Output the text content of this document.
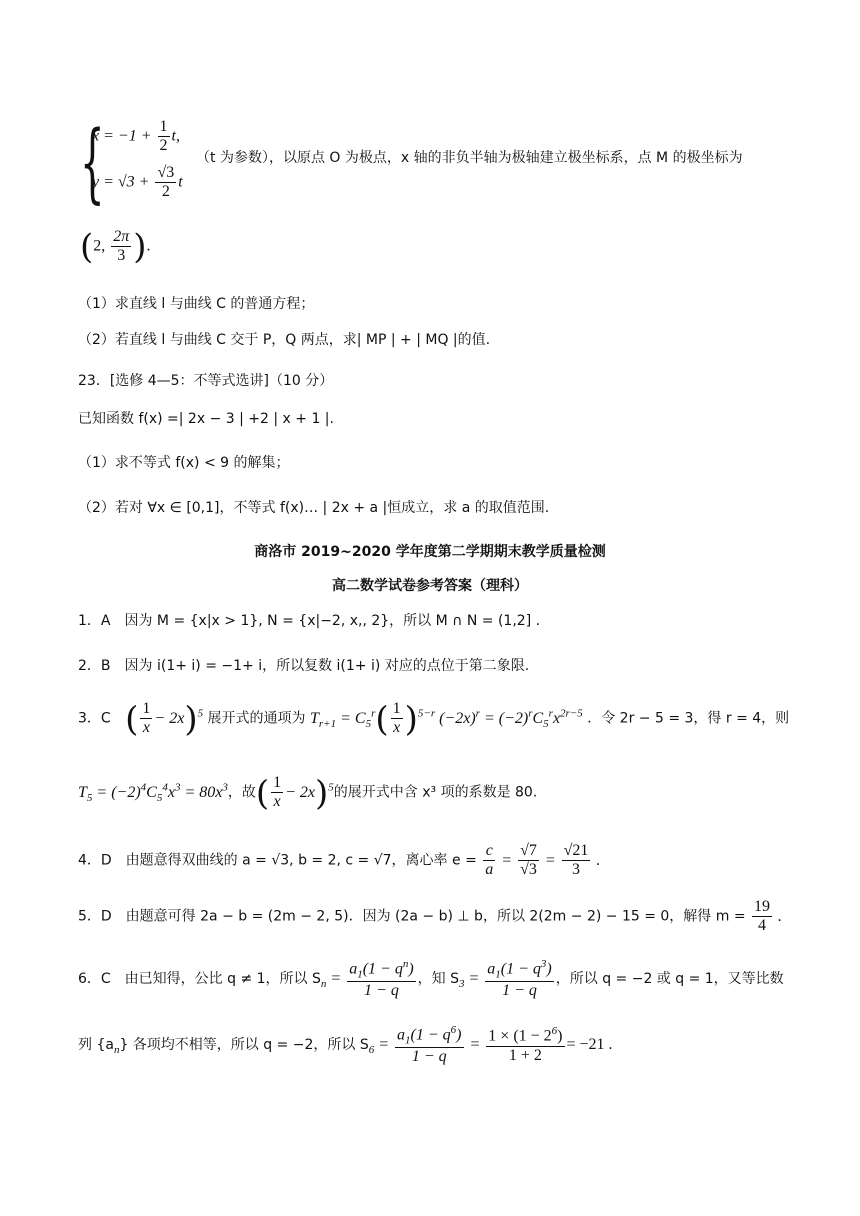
{
$x = -1 + \frac{1}{2} t$,
$y = √3 + \frac{√3}{2}$ t
（t 为参数），以原点 O 为极点，x 轴的非负半轴为极轴建立极坐标系，点 M 的极坐标为
(2, $\frac{2\pi}{3}$ ).
（1）求直线 l 与曲线 C 的普通方程；
（2）若直线 l 与曲线 C 交于 P，Q 两点，求| MP | + | MQ |的值.
23．[选修 4—5：不等式选讲]（10 分）
已知函数 f(x) =| 2x − 3 | +2 | x + 1 |.
（1）求不等式 f(x) < 9 的解集；
（2）若对 ∀x ∈ [0,1]，不等式 f(x)… | 2x + a |恒成立，求 a 的取值范围.
商洛市 2019~2020 学年度第二学期期末教学质量检测
高二数学试卷参考答案（理科）
1．A　因为 M = {x|x > 1}, N = {x|−2, x,, 2}，所以 M ∩ N = (1,2] .
2．B　因为 i(1+ i) = −1+ i，所以复数 i(1+ i) 对应的点位于第二象限.
3．C ( $\frac{1}{x} - 2x)^5$ 展开式的通项为 $T_{r+1} = C_5^r( \frac{1}{x} )^{5-r}$ $(-2x)^r = (-2)^rC_5^rx^{2r-5}$ ．令 2r − 5 = 3，得 r = 4，则
$T_5 = (-2)^4C_5^4x^3 = 80x^3$，故( $\frac{1}{x} - 2x)^5$的展开式中含 x³ 项的系数是 80.
4．D　由题意得双曲线的 a = √3, b = 2, c = √7，离心率 $e = \frac{c}{a} = \frac{√7}{√3} = \frac{√21}{3}$ .
5．D　由题意可得 2a − b = (2m − 2, 5)．因为 (2a − b) ⊥ b，所以 2(2m − 2) − 15 = 0，解得 $m = \frac{19}{4}$ .
6．C　由已知得，公比 q ≠ 1，所以 $S_n = \frac{a_1(1 - q^n)}{1 - q}$ ，知 $S_3 = \frac{a_1(1 - q^3)}{1 - q}$ ，所以 q = −2 或 q = 1，又等比数
列 $\{a_n\}$ 各项均不相等，所以 q = −2，所以 $S_6 = \frac{a_1(1 - q^6)}{1 - q} = \frac{1 \times (1 - 2^6)}{1 + 2} = -21$ .
